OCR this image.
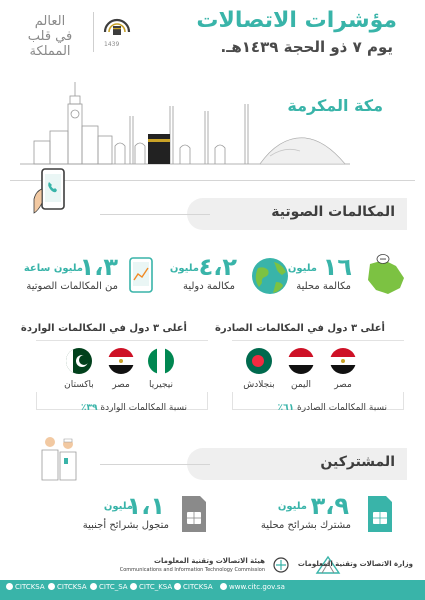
1439
العالم
في قلب
المملكة
مؤشرات الاتصالات
يوم ٧ ذو الحجة ١٤٣٩هـ.
مكة المكرمة
المكالمات الصوتية
١٦
مليون
مكالمة محلية
٤،٢
مليون
مكالمة دولية
١،٣
مليون ساعة
من المكالمات الصوتية
أعلى ٣ دول في المكالمات الصادرة
مصر
اليمن
بنجلادش
نسبة المكالمات الصادرة ٦١٪
أعلى ٣ دول في المكالمات الواردة
نيجيريا
مصر
باكستان
نسبة المكالمات الواردة ٣٩٪
المشتركين
٣،٩
مليون
مشترك بشرائح محلية
١،١
مليون
متجول بشرائح أجنبية
وزارة الاتصالات وتقنية المعلومات
هيئة الاتصالات وتقنية المعلومات
Communications and Information Technology Commission
CITCKSA	CITCKSA	CITC_SA	CITC_KSA	CITCKSA	www.citc.gov.sa
